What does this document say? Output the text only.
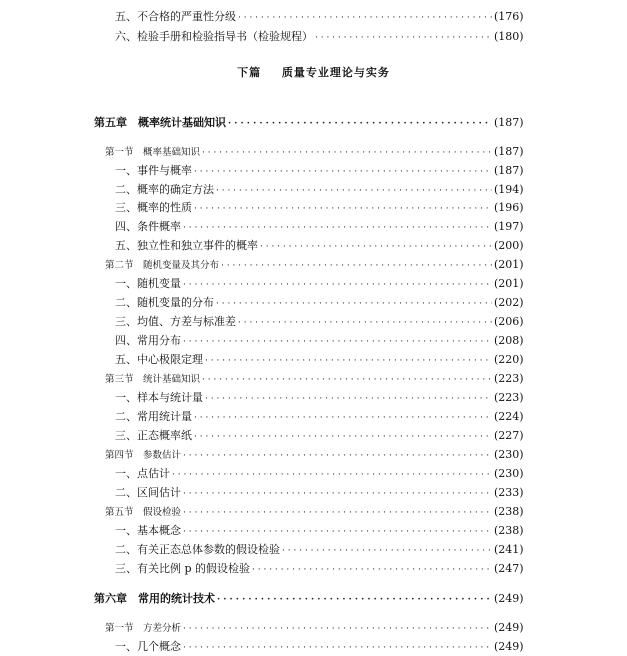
五、不合格的严重性分级 · · ·	(176)
六、检验手册和检验指导书（检验规程） · · ·	(180)
下篇 质量专业理论与实务
第五章　概率统计基础知识 · · ·	(187)
第一节　概率基础知识 · · ·	(187)
一、事件与概率 · · ·	(187)
二、概率的确定方法 · · ·	(194)
三、概率的性质 · · ·	(196)
四、条件概率 · · ·	(197)
五、独立性和独立事件的概率 · · ·	(200)
第二节　随机变量及其分布 · · ·	(201)
一、随机变量 · · ·	(201)
二、随机变量的分布 · · ·	(202)
三、均值、方差与标准差 · · ·	(206)
四、常用分布 · · ·	(208)
五、中心极限定理 · · ·	(220)
第三节　统计基础知识 · · ·	(223)
一、样本与统计量 · · ·	(223)
二、常用统计量 · · ·	(224)
三、正态概率纸 · · ·	(227)
第四节　参数估计 · · ·	(230)
一、点估计 · · ·	(230)
二、区间估计 · · ·	(233)
第五节　假设检验 · · ·	(238)
一、基本概念 · · ·	(238)
二、有关正态总体参数的假设检验 · · ·	(241)
三、有关比例 p 的假设检验 · · ·	(247)
第六章　常用的统计技术 · · ·	(249)
第一节　方差分析 · · ·	(249)
一、几个概念 · · ·	(249)
